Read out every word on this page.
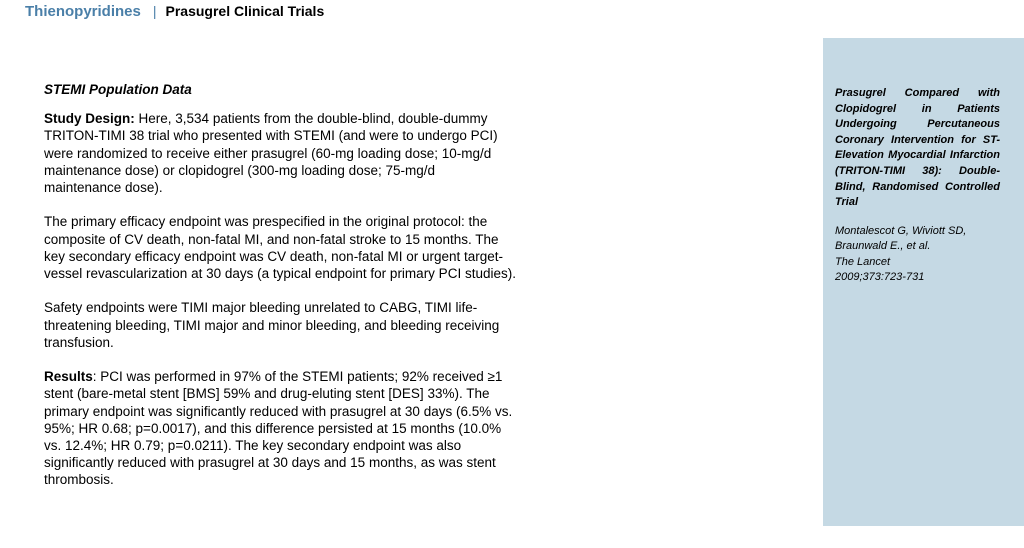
Thienopyridines | Prasugrel Clinical Trials

STEMI Population Data

Study Design: Here, 3,534 patients from the double-blind, double-dummy TRITON-TIMI 38 trial who presented with STEMI (and were to undergo PCI) were randomized to receive either prasugrel (60-mg loading dose; 10-mg/d maintenance dose) or clopidogrel (300-mg loading dose; 75-mg/d maintenance dose).

The primary efficacy endpoint was prespecified in the original protocol: the composite of CV death, non-fatal MI, and non-fatal stroke to 15 months. The key secondary efficacy endpoint was CV death, non-fatal MI or urgent target-vessel revascularization at 30 days (a typical endpoint for primary PCI studies).

Safety endpoints were TIMI major bleeding unrelated to CABG, TIMI life-threatening bleeding, TIMI major and minor bleeding, and bleeding receiving transfusion.

Results: PCI was performed in 97% of the STEMI patients; 92% received ≥1 stent (bare-metal stent [BMS] 59% and drug-eluting stent [DES] 33%). The primary endpoint was significantly reduced with prasugrel at 30 days (6.5% vs. 95%; HR 0.68; p=0.0017), and this difference persisted at 15 months (10.0% vs. 12.4%; HR 0.79; p=0.0211). The key secondary endpoint was also significantly reduced with prasugrel at 30 days and 15 months, as was stent thrombosis.

Prasugrel Compared with Clopidogrel in Patients Undergoing Percutaneous Coronary Intervention for ST-Elevation Myocardial Infarction (TRITON-TIMI 38): Double-Blind, Randomised Controlled Trial

Montalescot G, Wiviott SD,

Braunwald E., et al.

The Lancet

2009;373:723-731
